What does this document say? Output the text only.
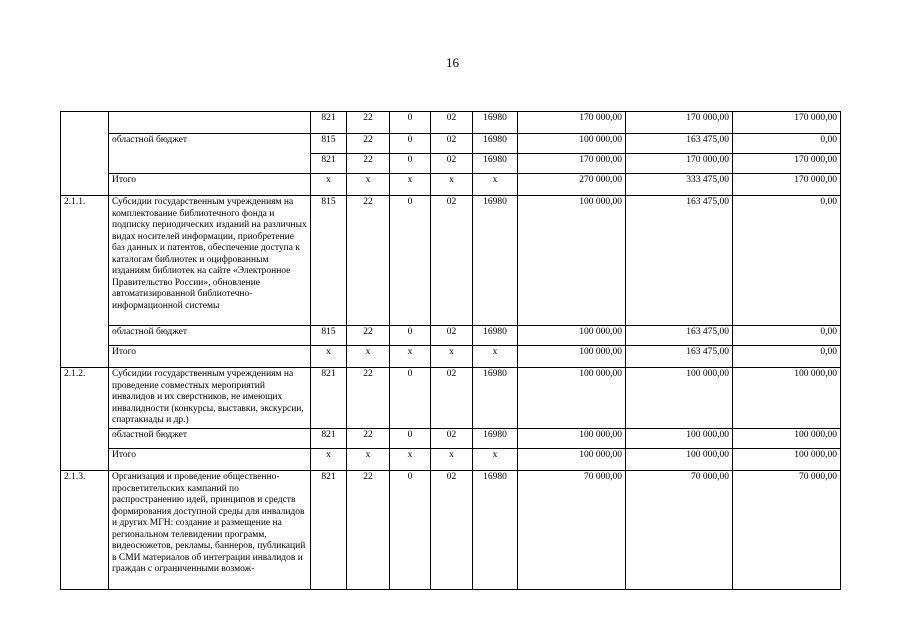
16
		821	22	0	02	16980	170 000,00	170 000,00	170 000,00
	областной бюджет	815	22	0	02	16980	100 000,00	163 475,00	0,00
		821	22	0	02	16980	170 000,00	170 000,00	170 000,00
	Итого	x	x	x	x	x	270 000,00	333 475,00	170 000,00
2.1.1.	Субсидии государственным учреждениям на комплектование библиотечного фонда и подписку периодических изданий на различных видах носителей информации, приобретение баз данных и патентов, обеспечение доступа к каталогам библиотек и оцифрованным изданиям библиотек на сайте «Электронное Правительство России», обновление автоматизированной библиотечно-информационной системы	815	22	0	02	16980	100 000,00	163 475,00	0,00
	областной бюджет	815	22	0	02	16980	100 000,00	163 475,00	0,00
	Итого	x	x	x	x	x	100 000,00	163 475,00	0,00
2.1.2.	Субсидии государственным учреждениям на проведение совместных мероприятий инвалидов и их сверстников, не имеющих инвалидности (конкурсы, выставки, экскурсии, спартакиады и др.)	821	22	0	02	16980	100 000,00	100 000,00	100 000,00
	областной бюджет	821	22	0	02	16980	100 000,00	100 000,00	100 000,00
	Итого	x	x	x	x	x	100 000,00	100 000,00	100 000,00
2.1.3.	Организация и проведение общественно-просветительских кампаний по распространению идей, принципов и средств формирования доступной среды для инвалидов и других МГН: создание и размещение на региональном телевидении программ, видеосюжетов, рекламы, баннеров, публикаций в СМИ материалов об интеграции инвалидов и граждан с ограниченными возмож-	821	22	0	02	16980	70 000,00	70 000,00	70 000,00
